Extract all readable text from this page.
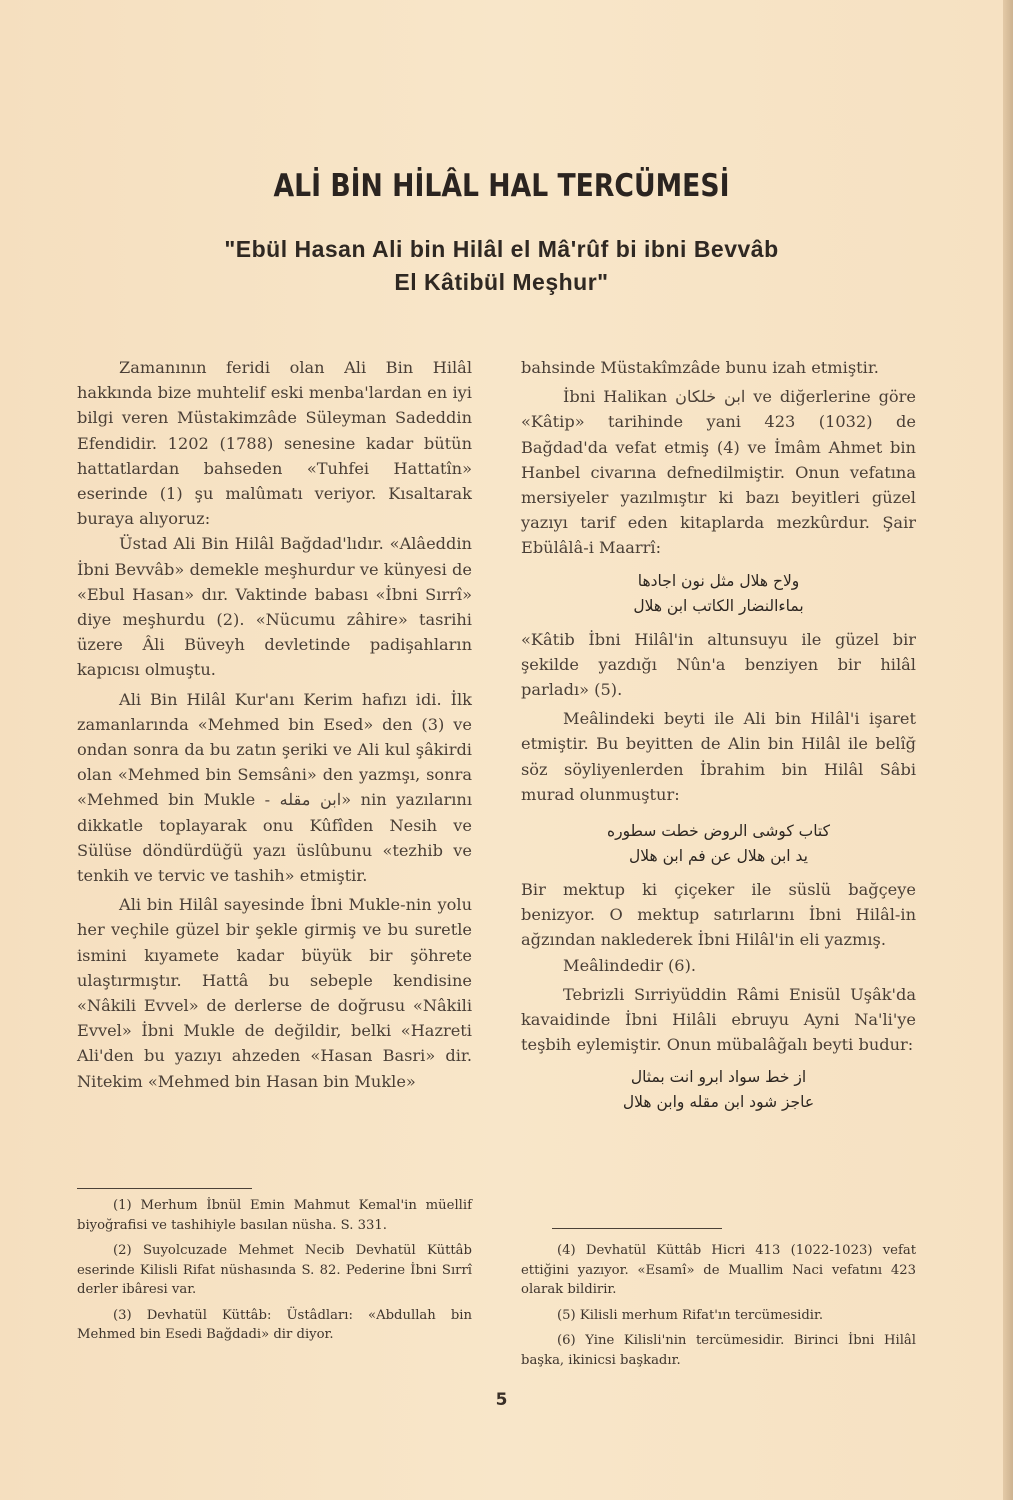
ALİ BİN HİLÂL HAL TERCÜMESİ
"Ebül Hasan Ali bin Hilâl el Mâ'rûf bi ibni Bevvâb
El Kâtibül Meşhur"

Zamanının feridi olan Ali Bin Hilâl hakkında bize muhtelif eski menba'lardan en iyi bilgi veren Müstakimzâde Süleyman Sadeddin Efendidir. 1202 (1788) senesine kadar bütün hattatlardan bahseden «Tuhfei Hattatîn» eserinde (1) şu malûmatı veriyor. Kısaltarak buraya alıyoruz:

Üstad Ali Bin Hilâl Bağdad'lıdır. «Alâeddin İbni Bevvâb» demekle meşhurdur ve künyesi de «Ebul Hasan» dır. Vaktinde babası «İbni Sırrî» diye meşhurdu (2). «Nücumu zâhire» tasrihi üzere Âli Büveyh devletinde padişahların kapıcısı olmuştu.

Ali Bin Hilâl Kur'anı Kerim hafızı idi. İlk zamanlarında «Mehmed bin Esed» den (3) ve ondan sonra da bu zatın şeriki ve Ali kul şâkirdi olan «Mehmed bin Semsâni» den yazmşı, sonra «Mehmed bin Mukle - ابن مقله» nin yazılarını dikkatle toplayarak onu Kûfîden Nesih ve Sülüse döndürdüğü yazı üslûbunu «tezhib ve tenkih ve tervic ve tashih» etmiştir.

Ali bin Hilâl sayesinde İbni Mukle-nin yolu her veçhile güzel bir şekle girmiş ve bu suretle ismini kıyamete kadar büyük bir şöhrete ulaştırmıştır. Hattâ bu sebeple kendisine «Nâkili Evvel» de derlerse de doğrusu «Nâkili Evvel» İbni Mukle de değildir, belki «Hazreti Ali'den bu yazıyı ahzeden «Hasan Basri» dir. Nitekim «Mehmed bin Hasan bin Mukle»

(1) Merhum İbnül Emin Mahmut Kemal'in müellif biyoğrafisi ve tashihiyle basılan nüsha. S. 331.

(2) Suyolcuzade Mehmet Necib Devhatül Küttâb eserinde Kilisli Rifat nüshasında S. 82. Pederine İbni Sırrî derler ibâresi var.

(3) Devhatül Küttâb: Üstâdları: «Abdullah bin Mehmed bin Esedi Bağdadi» dir diyor.

bahsinde Müstakîmzâde bunu izah etmiştir.

İbni Halikan ابن خلكان ve diğerlerine göre «Kâtip» tarihinde yani 423 (1032) de Bağdad'da vefat etmiş (4) ve İmâm Ahmet bin Hanbel civarına defnedilmiştir. Onun vefatına mersiyeler yazılmıştır ki bazı beyitleri güzel yazıyı tarif eden kitaplarda mezkûrdur. Şair Ebülâlâ-i Maarrî:

ولاح هلال مثل نون اجادها
بماءالنضار الكاتب ابن هلال

«Kâtib İbni Hilâl'in altunsuyu ile güzel bir şekilde yazdığı Nûn'a benziyen bir hilâl parladı» (5).

Meâlindeki beyti ile Ali bin Hilâl'i işaret etmiştir. Bu beyitten de Alin bin Hilâl ile belîğ söz söyliyenlerden İbrahim bin Hilâl Sâbi murad olunmuştur:

كتاب كوشى الروض خطت سطوره
يد ابن هلال عن فم ابن هلال

Bir mektup ki çiçeker ile süslü bağçeye benizyor. O mektup satırlarını İbni Hilâl-in ağzından naklederek İbni Hilâl'in eli yazmış.

Meâlindedir (6).

Tebrizli Sırriyüddin Râmi Enisül Uşâk'da kavaidinde İbni Hilâli ebruyu Ayni Na'li'ye teşbih eylemiştir. Onun mübalâğalı beyti budur:

از خط سواد ابرو انت بمثال
عاجز شود ابن مقله وابن هلال

(4) Devhatül Küttâb Hicri 413 (1022-1023) vefat ettiğini yazıyor. «Esamî» de Muallim Naci vefatını 423 olarak bildirir.

(5) Kilisli merhum Rifat'ın tercümesidir.

(6) Yine Kilisli'nin tercümesidir. Birinci İbni Hilâl başka, ikinicsi başkadır.

5
